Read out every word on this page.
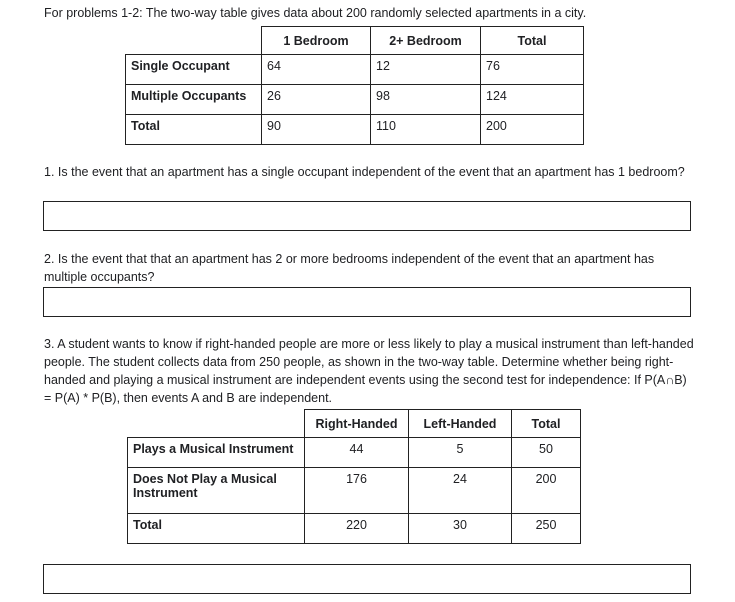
For problems 1-2: The two-way table gives data about 200 randomly selected apartments in a city.
	1 Bedroom	2+ Bedroom	Total
Single Occupant	64	12	76
Multiple Occupants	26	98	124
Total	90	110	200
1. Is the event that an apartment has a single occupant independent of the event that an apartment has 1 bedroom?
2. Is the event that that an apartment has 2 or more bedrooms independent of the event that an apartment has multiple occupants?
3. A student wants to know if right-handed people are more or less likely to play a musical instrument than left-handed people. The student collects data from 250 people, as shown in the two-way table. Determine whether being right-handed and playing a musical instrument are independent events using the second test for independence: If P(A∩B) = P(A) * P(B), then events A and B are independent.
	Right-Handed	Left-Handed	Total
Plays a Musical Instrument	44	5	50
Does Not Play a Musical Instrument	176	24	200
Total	220	30	250
